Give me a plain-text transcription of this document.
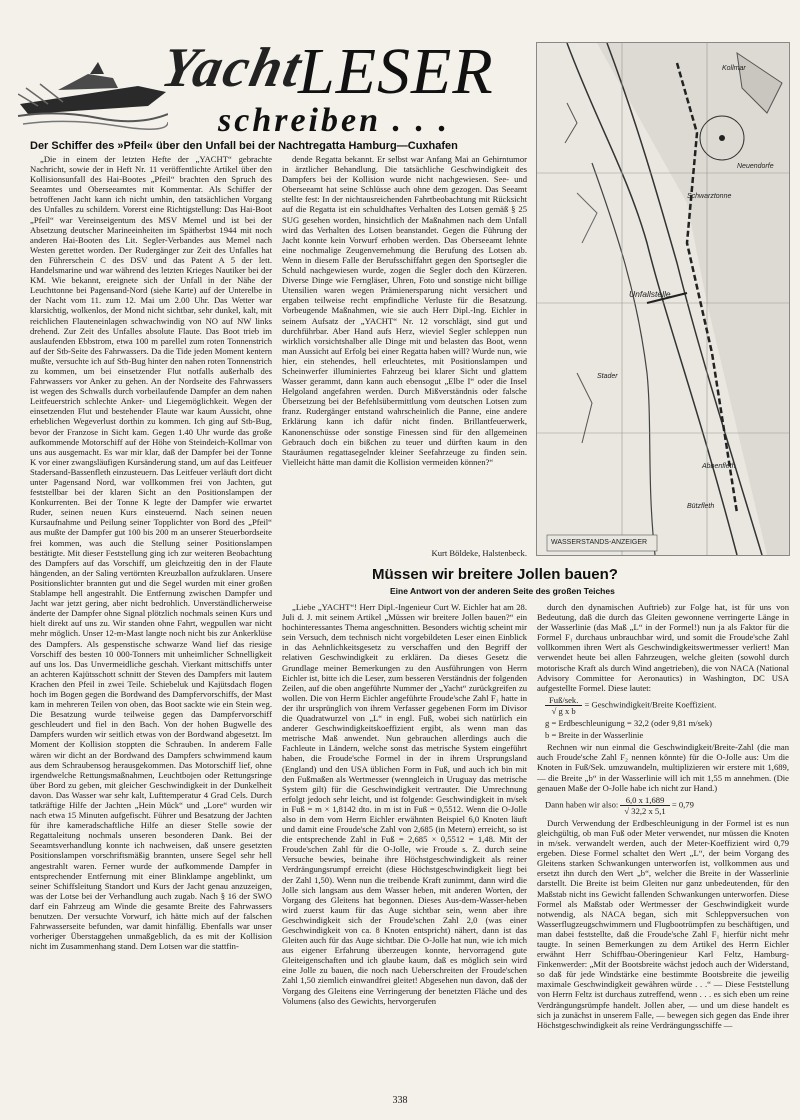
Yacht
LESER
schreiben . . .
Der Schiffer des »Pfeil« über den Unfall bei der Nachtregatta Hamburg—Cuxhafen

„Die in einem der letzten Hefte der „YACHT“ gebrachte Nachricht, sowie der in Heft Nr. 11 veröffentlichte Artikel über den Kollisionsunfall des Hai-Bootes „Pfeil“ brachten den Spruch des Seeamtes und Oberseeamtes mit Kommentar. Als Schiffer der betroffenen Jacht kann ich nicht umhin, den tatsächlichen Vorgang des Unfalles zu schildern. Vorerst eine Richtigstellung: Das Hai-Boot „Pfeil“ war Vereinseigentum des MSV Memel und ist bei der Absetzung deutscher Marineeinheiten im Spätherbst 1944 mit noch anderen Hai-Booten des Lit. Segler-Verbandes aus Memel nach Westen gerettet worden. Der Rudergänger zur Zeit des Unfalles hat den Führerschein C des DSV und das Patent A 5 der lett. Handelsmarine und war während des letzten Krieges Nautiker bei der KM. Wie bekannt, ereignete sich der Unfall in der Nähe der Leuchttonne bei Pagensand-Nord (siehe Karte) auf der Unterelbe in der Nacht vom 11. zum 12. Mai um 2.00 Uhr. Das Wetter war klarsichtig, wolkenlos, der Mond nicht sichtbar, sehr dunkel, kalt, mit reichlichen Flauteneinlagen schwachwindig von NO auf NW links drehend. Zur Zeit des Unfalles absolute Flaute. Das Boot trieb im auslaufenden Ebbstrom, etwa 100 m parellel zum roten Tonnenstrich auf der Stb-Seite des Fahrwassers. Da die Tide jeden Moment kentern mußte, versuchte ich auf Stb-Bug hinter den nahen roten Tonnenstrich zu kommen, um bei einsetzender Flut notfalls außerhalb des Fahrwassers vor Anker zu gehen. An der Nordseite des Fahrwassers ist wegen des Schwalls durch vorbeilaufende Dampfer an dem nahen Leitfeuerstrich schlechte Anker- und Liegemöglichkeit. Wegen der einsetzenden Flut und bestehender Flaute war kaum Aussicht, ohne erheblichen Wegeverlust dorthin zu kommen. Ich ging auf Stb-Bug, bevor der Franzose in Sicht kam. Gegen 1.40 Uhr wurde das große aufkommende Motorschiff auf der Höhe von Steindeich-Kollmar von uns aus ausgemacht. Es war mir klar, daß der Dampfer bei der Tonne K vor einer zwangsläufigen Kursänderung stand, um auf das Leitfeuer Stadersand-Bassenfleth einzusteuern. Das Leitfeuer verläuft dort dicht unter Pagensand Nord, war vollkommen frei von Jachten, gut feststellbar bei der klaren Sicht an den Positionslampen der Konkurrenten. Bei der Tonne K legte der Dampfer wie erwartet Ruder, seinen neuen Kurs einsteuernd. Nach seinen neuen Kursaufnahme und Peilung seiner Topplichter von Bord des „Pfeil“ aus mußte der Dampfer gut 100 bis 200 m an unserer Steuerbordseite frei kommen, was auch die Stellung seiner Positionslampen bestätigte. Mit dieser Feststellung ging ich zur weiteren Beobachtung des Dampfers auf das Vorschiff, um gleichzeitig den in der Flaute hängenden, an der Saling vertörnten Kreuzballon aufzuklaren. Unsere Positionslichter brannten gut und die Segel wurden mit einer großen Stablampe hell angestrahlt. Die Entfernung zwischen Dampfer und Jacht war jetzt gering, aber nicht bedrohlich. Unverständlicherweise änderte der Dampfer ohne Signal plötzlich nochmals seinen Kurs und hielt direkt auf uns zu. Wir standen ohne Fahrt, wegpullen war nicht mehr möglich. Unser 12-m-Mast langte noch nicht bis zur Ankerklüse des Dampfers. Als gespenstische schwarze Wand lief das riesige Vorschiff des besten 10 000-Tonners mit unheimlicher Schnelligkeit auf uns los. Das Unvermeidliche geschah. Vierkant mittschiffs unter an achteren Kajütsschott schnitt der Steven des Dampfers mit lautem Krachen den Pfeil in zwei Teile. Schiebeluk und Kajütsdach flogen hoch im Bogen gegen die Bordwand des Dampfervorschiffs, der Mast kam in mehreren Teilen von oben, das Boot sackte wie ein Stein weg. Die Besatzung wurde teilweise gegen das Dampfervorschiff geschleudert und fiel in den Bach. Von der hohen Bugwelle des Dampfers wurden wir seitlich etwas von der Bordwand abgesetzt. Im Moment der Kollision stoppten die Schrauben. In anderem Falle wären wir dicht an der Bordwand des Dampfers schwimmend kaum aus dem Schraubensog herausgekommen. Das Motorschiff lief, ohne irgendwelche Rettungsmaßnahmen, Leuchtbojen oder Rettungsringe über Bord zu geben, mit gleicher Geschwindigkeit in der Dunkelheit davon. Das Wasser war sehr kalt, Lufttemperatur 4 Grad Cels. Durch tatkräftige Hilfe der Jachten „Hein Mück“ und „Lore“ wurden wir nach etwa 15 Minuten aufgefischt. Führer und Besatzung der Jachten für ihre kameradschaftliche Hilfe an dieser Stelle sowie der Regattaleitung nochmals unseren besonderen Dank. Bei der Seeamtsverhandlung konnte ich nachweisen, daß unsere gesetzten Positionslampen vorschriftsmäßig brannten, unsere Segel sehr hell angestrahlt waren. Ferner wurde der aufkommende Dampfer in entsprechender Entfernung mit einer Blinklampe angeblinkt, um seiner Schiffsleitung Standort und Kurs der Jacht genau anzuzeigen, was der Lotse bei der Verhandlung auch zugab. Nach § 16 der SWO darf ein Fahrzeug am Winde die gesamte Breite des Fahrwassers benutzen. Der versuchte Vorwurf, ich hätte mich auf der falschen Fahrwasserseite befunden, war damit hinfällig. Ebenfalls war unser vorheriger Überstaggehen unmaßgeblich, da es mit der Kollision nicht im Zusammenhang stand. Dem Lotsen war die stattfin-

dende Regatta bekannt. Er selbst war Anfang Mai an Gehirntumor in ärztlicher Behandlung. Die tatsächliche Geschwindigkeit des Dampfers bei der Kollision wurde nicht nachgewiesen. See- und Oberseeamt hat seine Schlüsse auch ohne dem gezogen. Das Seeamt stellte fest: In der nichtausreichenden Fahrtbeobachtung mit Rücksicht auf die Regatta ist ein schuldhaftes Verhalten des Lotsen gemäß § 25 SUG gesehen worden, hinsichtlich der Maßnahmen nach dem Unfall wird das Verhalten des Lotsen beanstandet. Gegen die Führung der Jacht konnte kein Vorwurf erhoben werden. Das Oberseeamt lehnte eine nochmalige Zeugenvernehmung die Berufung des Lotsen ab. Wenn in diesem Falle der Berufsschiffahrt gegen den Sportsegler die Schuld nachgewiesen wurde, zogen die Segler doch den Kürzeren. Diverse Dinge wie Ferngläser, Uhren, Foto und sonstige nicht billige Utensilien waren wegen Prämienersparung nicht versichert und ergaben teilweise recht empfindliche Verluste für die Besatzung. Vorbeugende Maßnahmen, wie sie auch Herr Dipl.-Ing. Eichler in seinem Aufsatz der „YACHT“ Nr. 12 vorschlägt, sind gut und durchführbar. Aber Hand aufs Herz, wieviel Segler schleppen nun wirklich vorsichtshalber alle Dinge mit und belasten das Boot, wenn man Aussicht auf Erfolg bei einer Regatta haben will? Wurde nun, wie hier, ein stehendes, hell erleuchtetes, mit Positionslampen und Scheinwerfer illuminiertes Fahrzeug bei klarer Sicht und glattem Wasser gerammt, dann kann auch ebensogut „Elbe I“ oder die Insel Helgoland angefahren werden. Durch Mißverständnis oder falsche Übersetzung bei der Befehlsübermittlung vom deutschen Lotsen zum franz. Rudergänger entstand wahrscheinlich die Panne, eine andere Erklärung kann ich dafür nicht finden. Brillantfeuerwerk, Kanonenschüsse oder sonstige Finessen sind für den allgemeinen Gebrauch doch ein bißchen zu teuer und dürften kaum in den Stauräumen regattasegelnder kleiner Seefahrzeuge zu finden sein. Vielleicht hätte man damit die Kollision vermeiden können?“

Kurt Böldeke, Halstenbeck.
Kollmar
Neuendorfe
Unfallstelle
Schwarztonne
Abbenfleth
Bützfleth
WASSERSTANDS-ANZEIGER
Stader
Müssen wir breitere Jollen bauen?
Eine Antwort von der anderen Seite des großen Teiches

„Liebe „YACHT“! Herr Dipl.-Ingenieur Curt W. Eichler hat am 28. Juli d. J. mit seinem Artikel „Müssen wir breitere Jollen bauen?“ ein hochinteressantes Thema angeschnitten. Besonders wichtig scheint mir sein Versuch, dem technisch nicht vorgebildeten Leser einen Einblick in das Aehnlichkeitsgesetz zu verschaffen und den Begriff der relativen Geschwindigkeit zu erklären. Da dieses Gesetz die Grundlage meiner Bemerkungen zu den Ausführungen von Herrn Eichler ist, bitte ich die Leser, zum besseren Verständnis der folgenden Zeilen, auf die oben angeführte Nummer der „Yacht“ zurückgreifen zu wollen. Die von Herrn Eichler angeführte Froude'sche Zahl F₁ hatte in der ihr ursprünglich von ihrem Verfasser gegebenen Form im Divisor die Quadratwurzel von „L“ in engl. Fuß, wobei sich natürlich ein anderer Geschwindigkeitskoeffizient ergibt, als wenn man das metrische Maß anwendet. Nun gebrauchen allerdings auch die Fachleute in Ländern, welche sonst das metrische System eingeführt haben, die Froude'sche Formel in der in ihrem Ursprungsland (England) und den USA üblichen Form in Fuß, und auch ich bin mit den Fußmaßen als Wertmesser (wenngleich in Uruguay das metrische System gilt) für die Geschwindigkeit vertrauter. Die Umrechnung erfolgt jedoch sehr leicht, und ist folgende: Geschwindigkeit in m/sek in Fuß = m × 1,8142 dto. in m ist in Fuß = 0,5512. Wenn die O-Jolle also in dem vom Herrn Eichler erwähnten Beispiel 6,0 Knoten läuft und damit eine Froude'sche Zahl von 2,685 (in Metern) erreicht, so ist die entsprechende Zahl in Fuß = 2,685 × 0,5512 = 1,48. Mit der Froude'schen Zahl für die O-Jolle, wie Froude s. Z. durch seine Versuche bewies, beinahe ihre Höchstgeschwindigkeit als reiner Verdrängungsrumpf erreicht (diese Höchstgeschwindigkeit liegt bei der Zahl 1,50). Wenn nun die treibende Kraft zunimmt, dann wird die Jolle sich langsam aus dem Wasser heben, mit anderen Worten, der Vorgang des Gleitens hat begonnen. Dieses Aus-dem-Wasser-heben wird zuerst kaum für das Auge sichtbar sein, wenn aber ihre Geschwindigkeit sich der Froude'schen Zahl 2,0 (was einer Geschwindigkeit von ca. 8 Knoten entspricht) nähert, dann ist das Gleiten auch für das Auge sichtbar. Die O-Jolle hat nun, wie ich mich aus eigener Erfahrung überzeugen konnte, hervorragend gute Gleiteigenschaften und ich glaube kaum, daß es möglich sein wird eine Jolle zu bauen, die noch nach Ueberschreiten der Froude'schen Zahl 1,50 ziemlich einwandfrei gleitet! Abgesehen nun davon, daß der Vorgang des Gleitens eine Verringerung der benetzten Fläche und des Volumens (also des Gewichts, hervorgerufen

durch den dynamischen Auftrieb) zur Folge hat, ist für uns von Bedeutung, daß die durch das Gleiten gewonnene verringerte Länge in der Wasserlinie (das Maß „L“ in der Formel!) nun ja als Faktor für die Formel F₁ durchaus unbrauchbar wird, und somit die Froude'sche Zahl vollkommen ihren Wert als Geschwindigkeitswertmesser verliert! Man verwendet heute bei allen Fahrzeugen, welche gleiten (sowohl durch motorische Kraft als durch Wind angetrieben), die von NACA (National Advisory Committee for Aeronautics) in Washington, DC USA aufgestellte Formel. Diese lautet:

$\frac{\text{Fuß/sek.}}{\text{√ g x b}}$ = Geschwindigkeit/Breite Koeffizient.
g = Erdbeschleunigung = 32,2 (oder 9,81 m/sek)
b = Breite in der Wasserlinie

Rechnen wir nun einmal die Geschwindigkeit/Breite-Zahl (die man auch Froude'sche Zahl F₂ nennen könnte) für die O-Jolle aus: Um die Knoten in Fuß/Sek. umzuwandeln, multiplizieren wir erstere mit 1,689, — die Breite „b“ in der Wasserlinie will ich mit 1,55 m annehmen. (Die genauen Maße der O-Jolle habe ich nicht zur Hand.)

Dann haben wir also: $\frac{6,0 x 1,689}{√ 32,2 x 5,1} = 0,79$

Durch Verwendung der Erdbeschleunigung in der Formel ist es nun gleichgültig, ob man Fuß oder Meter verwendet, nur müssen die Knoten in m/sek. verwandelt werden, auch der Meter-Koeffizient wird 0,79 ergeben. Diese Formel schaltet den Wert „L“, der beim Vorgang des Gleitens starken Schwankungen unterworfen ist, vollkommen aus und ersetzt ihn durch den Wert „b“, welcher die Breite in der Wasserlinie darstellt. Die Breite ist beim Gleiten nur ganz unbedeutenden, für den Maßstab nicht ins Gewicht fallenden Schwankungen unterworfen. Diese Formel als Maßstab oder Wertmesser der Geschwindigkeit wurde notwendig, als NACA began, sich mit Schleppversuchen von Wasserflugzeugschwimmern und Flugbootrümpfen zu beschäftigen, und man dabei feststellte, daß die Froude'sche Zahl F₁ hierfür nicht mehr taugte. In seinen Bemerkungen zu dem Artikel des Herrn Eichler erwähnt Herr Schiffbau-Oberingenieur Karl Feltz, Hamburg-Finkenwerder: „Mit der Bootsbreite wächst jedoch auch der Widerstand, so daß für jede Windstärke eine bestimmte Bootsbreite die jeweilig maximale Geschwindigkeit gewähren würde . . .“ — Diese Feststellung von Herrn Feltz ist durchaus zutreffend, wenn . . . es sich eben um reine Verdrängungsrümpfe handelt. Jollen aber, — und um diese handelt es sich ja zunächst in unserem Falle, — bewegen sich gegen das Ende ihrer Höchstgeschwindigkeit als reine Verdrängungsschiffe —

338
